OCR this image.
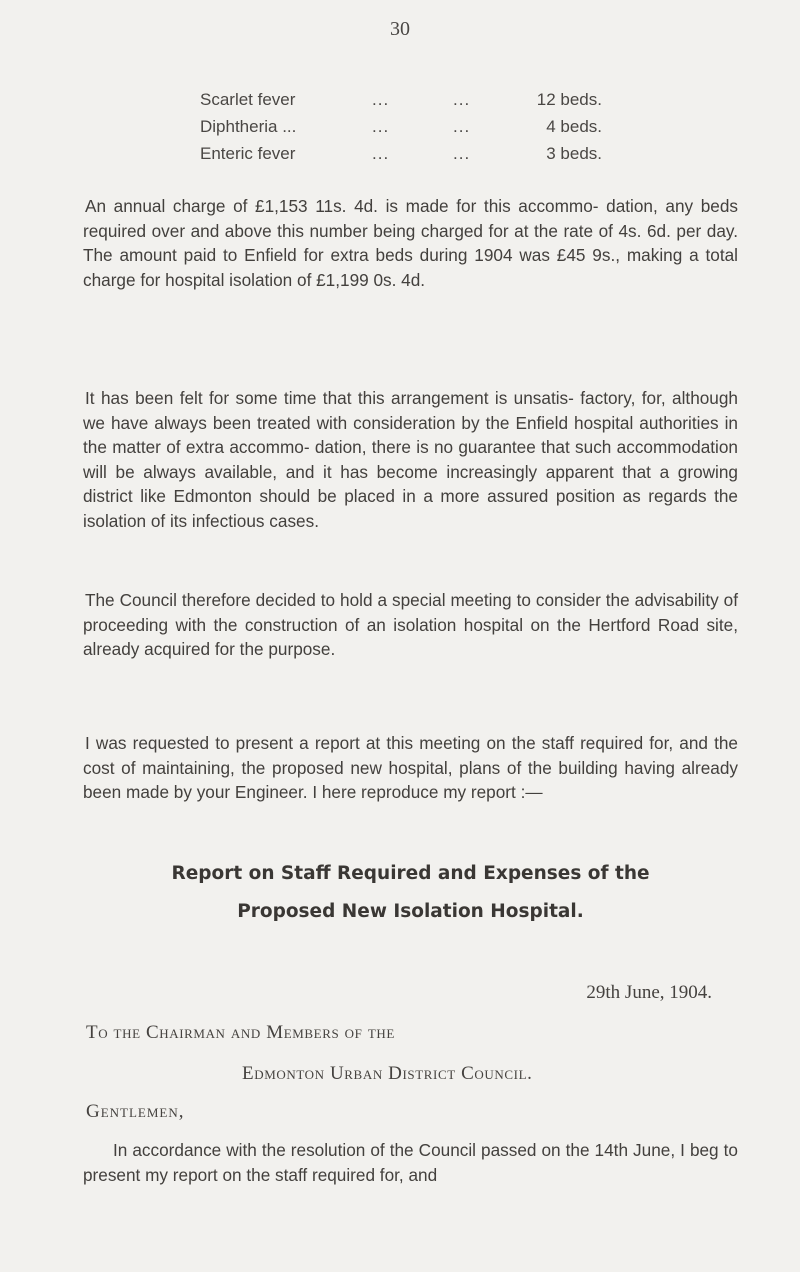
30
Scarlet fever	...	...	12 beds.
Diphtheria ...	...	...	4 beds.
Enteric fever	...	...	3 beds.

An annual charge of £1,153 11s. 4d. is made for this accommo- dation, any beds required over and above this number being charged for at the rate of 4s. 6d. per day. The amount paid to Enfield for extra beds during 1904 was £45 9s., making a total charge for hospital isolation of £1,199 0s. 4d.

It has been felt for some time that this arrangement is unsatis- factory, for, although we have always been treated with consideration by the Enfield hospital authorities in the matter of extra accommo- dation, there is no guarantee that such accommodation will be always available, and it has become increasingly apparent that a growing district like Edmonton should be placed in a more assured position as regards the isolation of its infectious cases.

The Council therefore decided to hold a special meeting to consider the advisability of proceeding with the construction of an isolation hospital on the Hertford Road site, already acquired for the purpose.

I was requested to present a report at this meeting on the staff required for, and the cost of maintaining, the proposed new hospital, plans of the building having already been made by your Engineer. I here reproduce my report :—

Report on Staff Required and Expenses of the
Proposed New Isolation Hospital.
29th June, 1904.
To the Chairman and Members of the
Edmonton Urban District Council.
Gentlemen,

In accordance with the resolution of the Council passed on the 14th June, I beg to present my report on the staff required for, and
